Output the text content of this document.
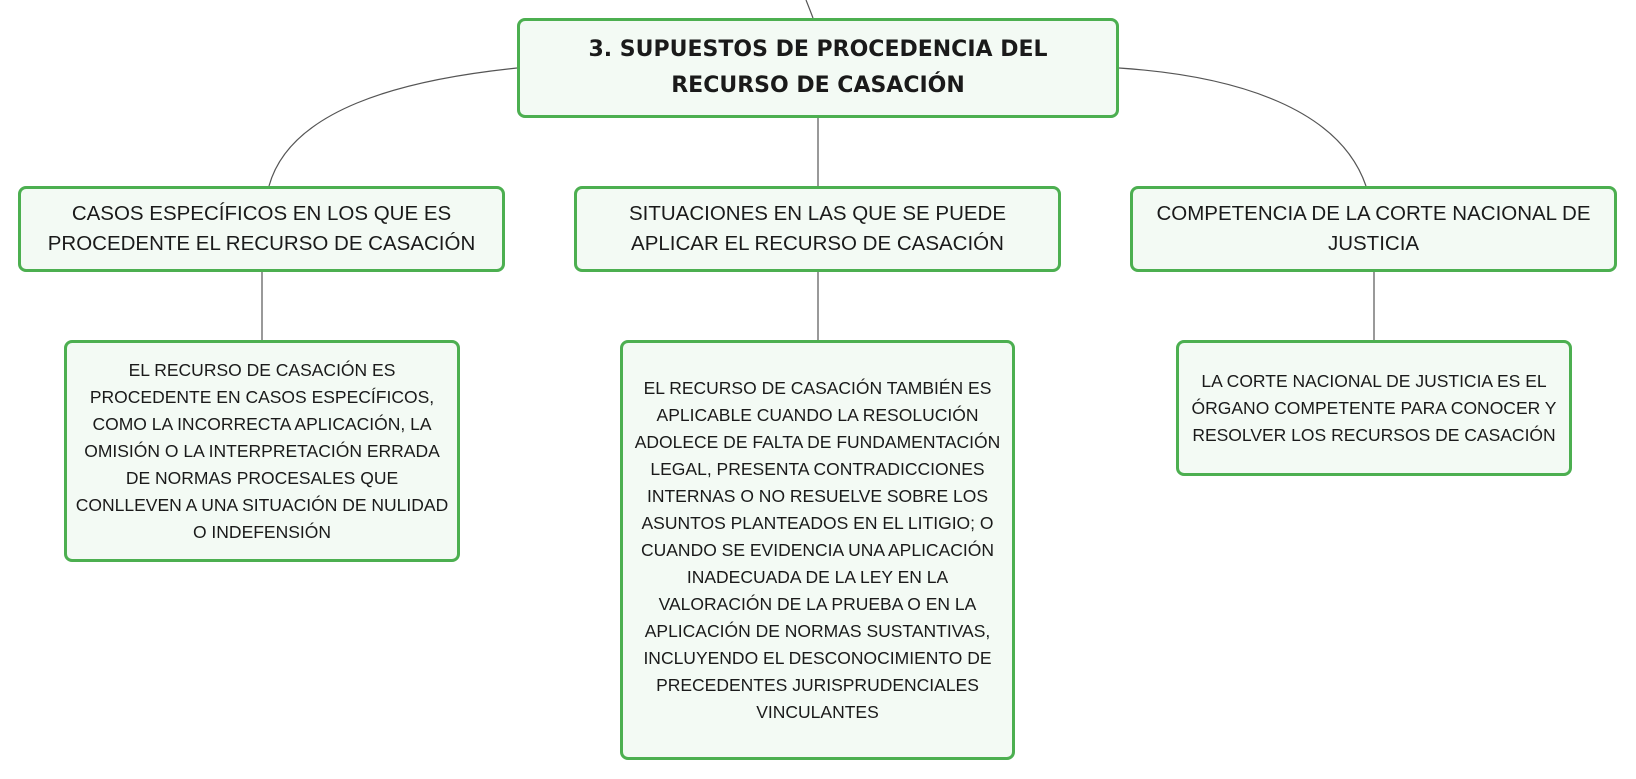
3. SUPUESTOS DE PROCEDENCIA DEL RECURSO DE CASACIÓN
CASOS ESPECÍFICOS EN LOS QUE ES PROCEDENTE EL RECURSO DE CASACIÓN
SITUACIONES EN LAS QUE SE PUEDE APLICAR EL RECURSO DE CASACIÓN
COMPETENCIA DE LA CORTE NACIONAL DE JUSTICIA
EL RECURSO DE CASACIÓN ES PROCEDENTE EN CASOS ESPECÍFICOS, COMO LA INCORRECTA APLICACIÓN, LA OMISIÓN O LA INTERPRETACIÓN ERRADA DE NORMAS PROCESALES QUE CONLLEVEN A UNA SITUACIÓN DE NULIDAD O INDEFENSIÓN
EL RECURSO DE CASACIÓN TAMBIÉN ES APLICABLE CUANDO LA RESOLUCIÓN ADOLECE DE FALTA DE FUNDAMENTACIÓN LEGAL, PRESENTA CONTRADICCIONES INTERNAS O NO RESUELVE SOBRE LOS ASUNTOS PLANTEADOS EN EL LITIGIO; O CUANDO SE EVIDENCIA UNA APLICACIÓN INADECUADA DE LA LEY EN LA VALORACIÓN DE LA PRUEBA O EN LA APLICACIÓN DE NORMAS SUSTANTIVAS, INCLUYENDO EL DESCONOCIMIENTO DE PRECEDENTES JURISPRUDENCIALES VINCULANTES
LA CORTE NACIONAL DE JUSTICIA ES EL ÓRGANO COMPETENTE PARA CONOCER Y RESOLVER LOS RECURSOS DE CASACIÓN
